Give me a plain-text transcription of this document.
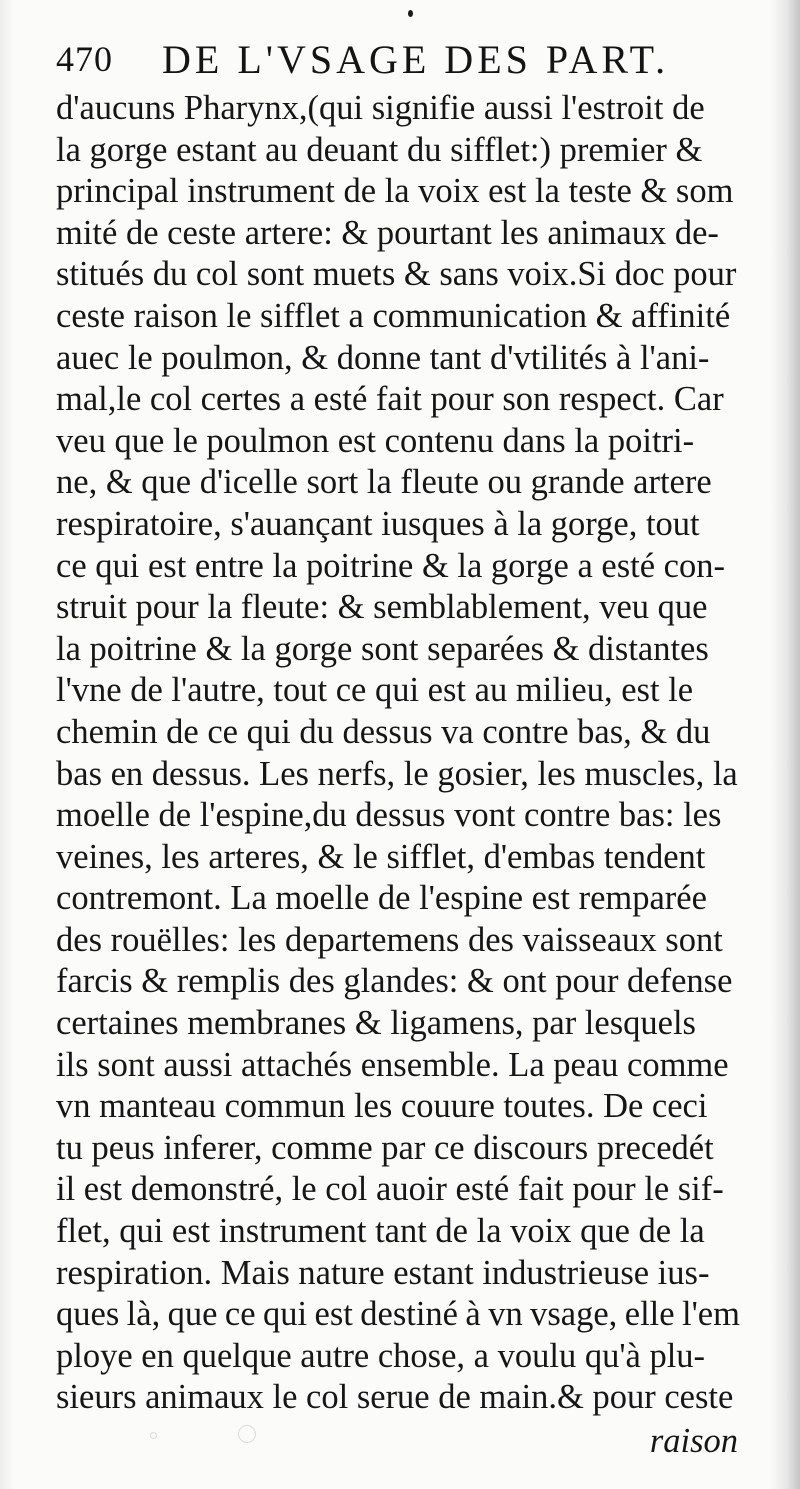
470 DE L'VSAGE DES PART.
d'aucuns Pharynx,(qui signifie aussi l'estroit de
la gorge estant au deuant du sifflet:) premier &
principal instrument de la voix est la teste & som
mité de ceste artere: & pourtant les animaux de-
stitués du col sont muets & sans voix.Si doc pour
ceste raison le sifflet a communication & affinité
auec le poulmon, & donne tant d'vtilités à l'ani-
mal,le col certes a esté fait pour son respect. Car
veu que le poulmon est contenu dans la poitri-
ne, & que d'icelle sort la fleute ou grande artere
respiratoire, s'auançant iusques à la gorge, tout
ce qui est entre la poitrine & la gorge a esté con-
struit pour la fleute: & semblablement, veu que
la poitrine & la gorge sont separées & distantes
l'vne de l'autre, tout ce qui est au milieu, est le
chemin de ce qui du dessus va contre bas, & du
bas en dessus. Les nerfs, le gosier, les muscles, la
moelle de l'espine,du dessus vont contre bas: les
veines, les arteres, & le sifflet, d'embas tendent
contremont. La moelle de l'espine est remparée
des rouëlles: les departemens des vaisseaux sont
farcis & remplis des glandes: & ont pour defense
certaines membranes & ligamens, par lesquels
ils sont aussi attachés ensemble. La peau comme
vn manteau commun les couure toutes. De ceci
tu peus inferer, comme par ce discours precedét
il est demonstré, le col auoir esté fait pour le sif-
flet, qui est instrument tant de la voix que de la
respiration. Mais nature estant industrieuse ius-
ques là, que ce qui est destiné à vn vsage, elle l'em
ploye en quelque autre chose, a voulu qu'à plu-
sieurs animaux le col serue de main.& pour ceste
raison
